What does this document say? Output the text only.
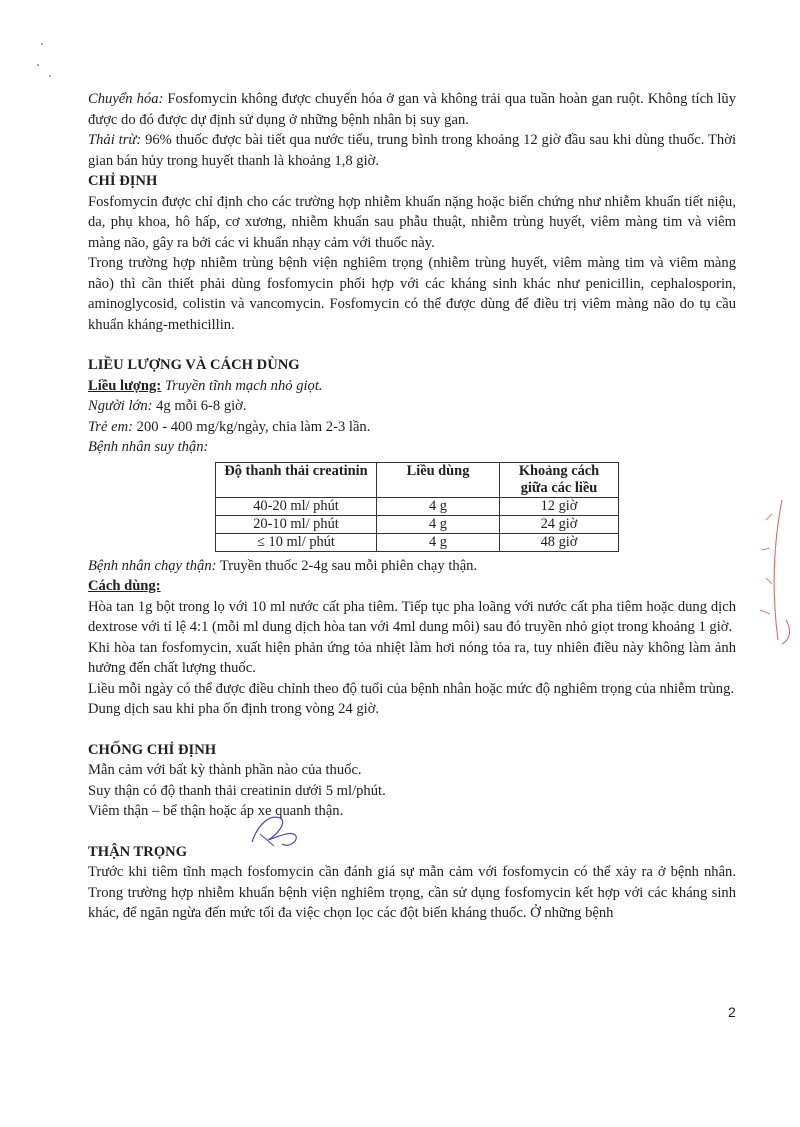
Chuyển hóa: Fosfomycin không được chuyển hóa ở gan và không trải qua tuần hoàn gan ruột. Không tích lũy được do đó được dự định sử dụng ở những bệnh nhân bị suy gan.

Thải trừ: 96% thuốc được bài tiết qua nước tiểu, trung bình trong khoảng 12 giờ đầu sau khi dùng thuốc. Thời gian bán hủy trong huyết thanh là khoảng 1,8 giờ.

CHỈ ĐỊNH

Fosfomycin được chỉ định cho các trường hợp nhiễm khuẩn nặng hoặc biến chứng như nhiễm khuẩn tiết niệu, da, phụ khoa, hô hấp, cơ xương, nhiễm khuẩn sau phẫu thuật, nhiễm trùng huyết, viêm màng tim và viêm màng não, gây ra bởi các vi khuẩn nhạy cảm với thuốc này.

Trong trường hợp nhiễm trùng bệnh viện nghiêm trọng (nhiễm trùng huyết, viêm màng tim và viêm màng não) thì cần thiết phải dùng fosfomycin phối hợp với các kháng sinh khác như penicillin, cephalosporin, aminoglycosid, colistin và vancomycin. Fosfomycin có thể được dùng để điều trị viêm màng não do tụ cầu khuẩn kháng-methicillin.

LIỀU LƯỢNG VÀ CÁCH DÙNG

Liều lượng: Truyền tĩnh mạch nhỏ giọt.

Người lớn: 4g mỗi 6-8 giờ.

Trẻ em: 200 - 400 mg/kg/ngày, chia làm 2-3 lần.

Bệnh nhân suy thận:

Độ thanh thải creatinin	Liều dùng	Khoảng cách giữa các liều
40-20 ml/ phút	4 g	12 giờ
20-10 ml/ phút	4 g	24 giờ
≤ 10 ml/ phút	4 g	48 giờ

Bệnh nhân chạy thận: Truyền thuốc 2-4g sau mỗi phiên chạy thận.

Cách dùng:

Hòa tan 1g bột trong lọ với 10 ml nước cất pha tiêm. Tiếp tục pha loãng với nước cất pha tiêm hoặc dung dịch dextrose với tỉ lệ 4:1 (mỗi ml dung dịch hòa tan với 4ml dung môi) sau đó truyền nhỏ giọt trong khoảng 1 giờ.

Khi hòa tan fosfomycin, xuất hiện phản ứng tỏa nhiệt làm hơi nóng tỏa ra, tuy nhiên điều này không làm ảnh hưởng đến chất lượng thuốc.

Liều mỗi ngày có thể được điều chỉnh theo độ tuổi của bệnh nhân hoặc mức độ nghiêm trọng của nhiễm trùng.

Dung dịch sau khi pha ổn định trong vòng 24 giờ.

CHỐNG CHỈ ĐỊNH

Mẫn cảm với bất kỳ thành phần nào của thuốc.

Suy thận có độ thanh thải creatinin dưới 5 ml/phút.

Viêm thận – bể thận hoặc áp xe quanh thận.

THẬN TRỌNG

Trước khi tiêm tĩnh mạch fosfomycin cần đánh giá sự mẫn cảm với fosfomycin có thể xảy ra ở bệnh nhân. Trong trường hợp nhiễm khuẩn bệnh viện nghiêm trọng, cần sử dụng fosfomycin kết hợp với các kháng sinh khác, để ngăn ngừa đến mức tối đa việc chọn lọc các đột biến kháng thuốc. Ở những bệnh

2
